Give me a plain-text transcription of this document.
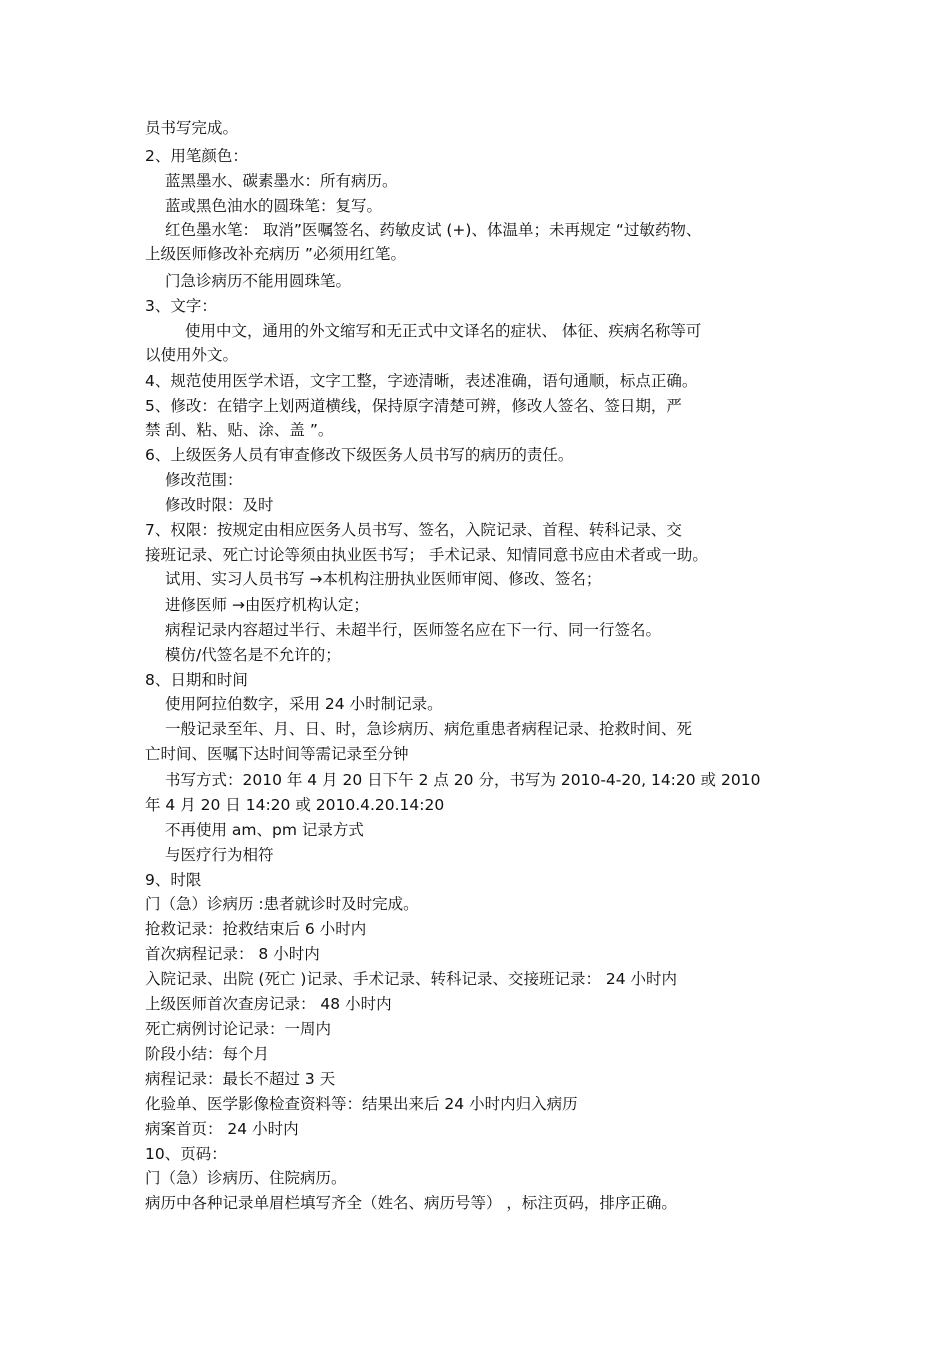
员书写完成。
2、用笔颜色：
蓝黑墨水、碳素墨水：所有病历。
蓝或黑色油水的圆珠笔：复写。
红色墨水笔： 取消”医嘱签名、药敏皮试 (+)、体温单；未再规定 “过敏药物、
上级医师修改补充病历 ”必须用红笔。
门急诊病历不能用圆珠笔。
3、文字：
使用中文，通用的外文缩写和无正式中文译名的症状、 体征、疾病名称等可
以使用外文。
4、规范使用医学术语，文字工整，字迹清晰，表述准确，语句通顺，标点正确。
5、修改：在错字上划两道横线，保持原字清楚可辨，修改人签名、签日期，严
禁 刮、粘、贴、涂、盖 ”。
6、上级医务人员有审查修改下级医务人员书写的病历的责任。
修改范围：
修改时限：及时
7、权限：按规定由相应医务人员书写、签名，入院记录、首程、转科记录、交
接班记录、死亡讨论等须由执业医书写； 手术记录、知情同意书应由术者或一助。
试用、实习人员书写 →本机构注册执业医师审阅、修改、签名；
进修医师 →由医疗机构认定；
病程记录内容超过半行、未超半行，医师签名应在下一行、同一行签名。
模仿/代签名是不允许的；
8、日期和时间
使用阿拉伯数字，采用 24 小时制记录。
一般记录至年、月、日、时，急诊病历、病危重患者病程记录、抢救时间、死
亡时间、医嘱下达时间等需记录至分钟
书写方式：2010 年 4 月 20 日下午 2 点 20 分，书写为 2010-4-20, 14:20 或 2010
年 4 月 20 日 14:20 或 2010.4.20.14:20
不再使用 am、pm 记录方式
与医疗行为相符
9、时限
门（急）诊病历 :患者就诊时及时完成。
抢救记录：抢救结束后 6 小时内
首次病程记录： 8 小时内
入院记录、出院 (死亡 )记录、手术记录、转科记录、交接班记录： 24 小时内
上级医师首次查房记录： 48 小时内
死亡病例讨论记录：一周内
阶段小结：每个月
病程记录：最长不超过 3 天
化验单、医学影像检查资料等：结果出来后 24 小时内归入病历
病案首页： 24 小时内
10、页码：
门（急）诊病历、住院病历。
病历中各种记录单眉栏填写齐全（姓名、病历号等） ，标注页码，排序正确。
